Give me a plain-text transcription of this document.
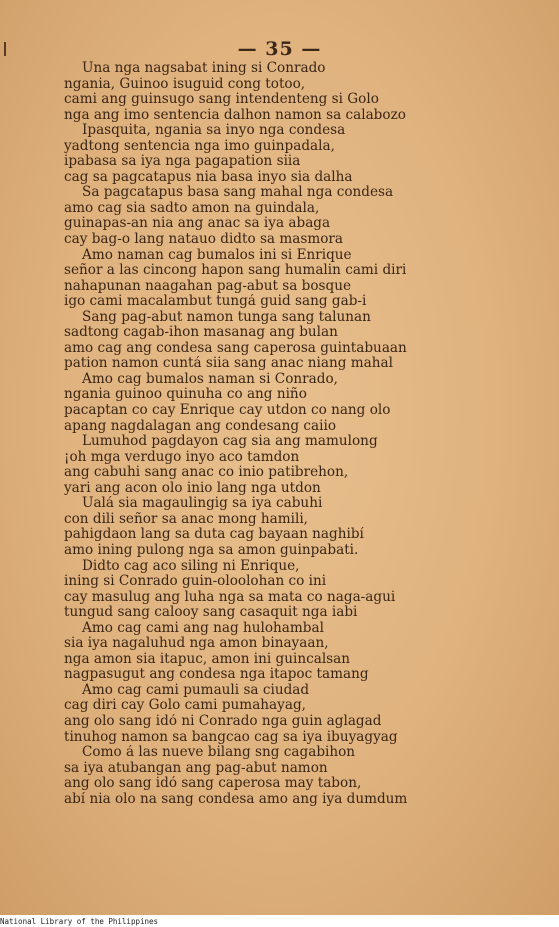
— 35 —
Una nga nagsabat ining si Conrado
ngania, Guinoo isuguid cong totoo,
cami ang guinsugo sang intendenteng si Golo
nga ang imo sentencia dalhon namon sa calabozo
Ipasquita, ngania sa inyo nga condesa
yadtong sentencia nga imo guinpadala,
ipabasa sa iya nga pagapation siia
cag sa pagcatapus nia basa inyo sia dalha
Sa pagcatapus basa sang mahal nga condesa
amo cag sia sadto amon na guindala,
guinapas-an nia ang anac sa iya abaga
cay bag-o lang natauo didto sa masmora
Amo naman cag bumalos ini si Enrique
señor a las cincong hapon sang humalin cami diri
nahapunan naagahan pag-abut sa bosque
igo cami macalambut tungá guid sang gab-i
Sang pag-abut namon tunga sang talunan
sadtong cagab-ihon masanag ang bulan
amo cag ang condesa sang caperosa guintabuaan
pation namon cuntá siia sang anac niang mahal
Amo cag bumalos naman si Conrado,
ngania guinoo quinuha co ang niño
pacaptan co cay Enrique cay utdon co nang olo
apang nagdalagan ang condesang caiio
Lumuhod pagdayon cag sia ang mamulong
¡oh mga verdugo inyo aco tamdon
ang cabuhi sang anac co inio patibrehon,
yari ang acon olo inio lang nga utdon
Ualá sia magaulingig sa iya cabuhi
con dili señor sa anac mong hamili,
pahigdaon lang sa duta cag bayaan naghibí
amo ining pulong nga sa amon guinpabati.
Didto cag aco siling ni Enrique,
ining si Conrado guin-oloolohan co ini
cay masulug ang luha nga sa mata co naga-agui
tungud sang calooy sang casaquit nga iabi
Amo cag cami ang nag hulohambal
sia iya nagaluhud nga amon binayaan,
nga amon sia itapuc, amon ini guincalsan
nagpasugut ang condesa nga itapoc tamang
Amo cag cami pumauli sa ciudad
cag diri cay Golo cami pumahayag,
ang olo sang idó ni Conrado nga guin aglagad
tinuhog namon sa bangcao cag sa iya ibuyagyag
Como á las nueve bilang sng cagabihon
sa iya atubangan ang pag-abut namon
ang olo sang idó sang caperosa may tabon,
abí nia olo na sang condesa amo ang iya dumdum
National Library of the Philippines
